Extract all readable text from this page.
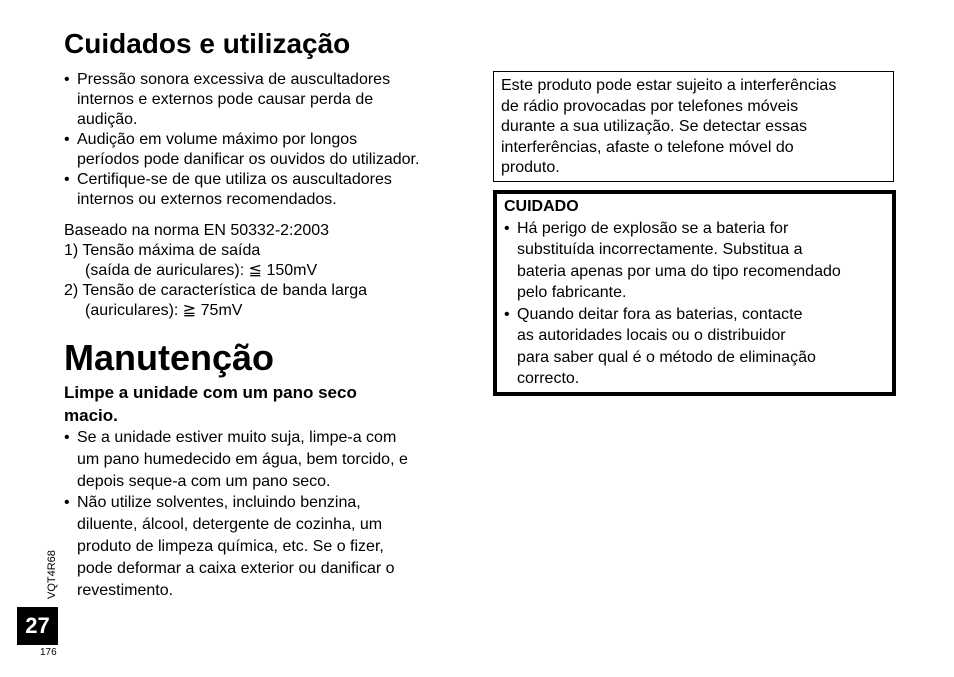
Cuidados e utilização
• Pressão sonora excessiva de auscultadores
internos e externos pode causar perda de
audição.
• Audição em volume máximo por longos
períodos pode danificar os ouvidos do utilizador.
• Certifique-se de que utiliza os auscultadores
internos ou externos recomendados.
Baseado na norma EN 50332-2:2003
1) Tensão máxima de saída
(saída de auriculares): ≦ 150mV
2) Tensão de característica de banda larga
(auriculares): ≧ 75mV
Manutenção
Limpe a unidade com um pano seco
macio.
• Se a unidade estiver muito suja, limpe-a com
um pano humedecido em água, bem torcido, e
depois seque-a com um pano seco.
• Não utilize solventes, incluindo benzina,
diluente, álcool, detergente de cozinha, um
produto de limpeza química, etc. Se o fizer,
pode deformar a caixa exterior ou danificar o
revestimento.
Este produto pode estar sujeito a interferências
de rádio provocadas por telefones móveis
durante a sua utilização. Se detectar essas
interferências, afaste o telefone móvel do
produto.
CUIDADO
• Há perigo de explosão se a bateria for
substituída incorrectamente. Substitua a
bateria apenas por uma do tipo recomendado
pelo fabricante.
• Quando deitar fora as baterias, contacte
as autoridades locais ou o distribuidor
para saber qual é o método de eliminação
correcto.
VQT4R68
27
176
